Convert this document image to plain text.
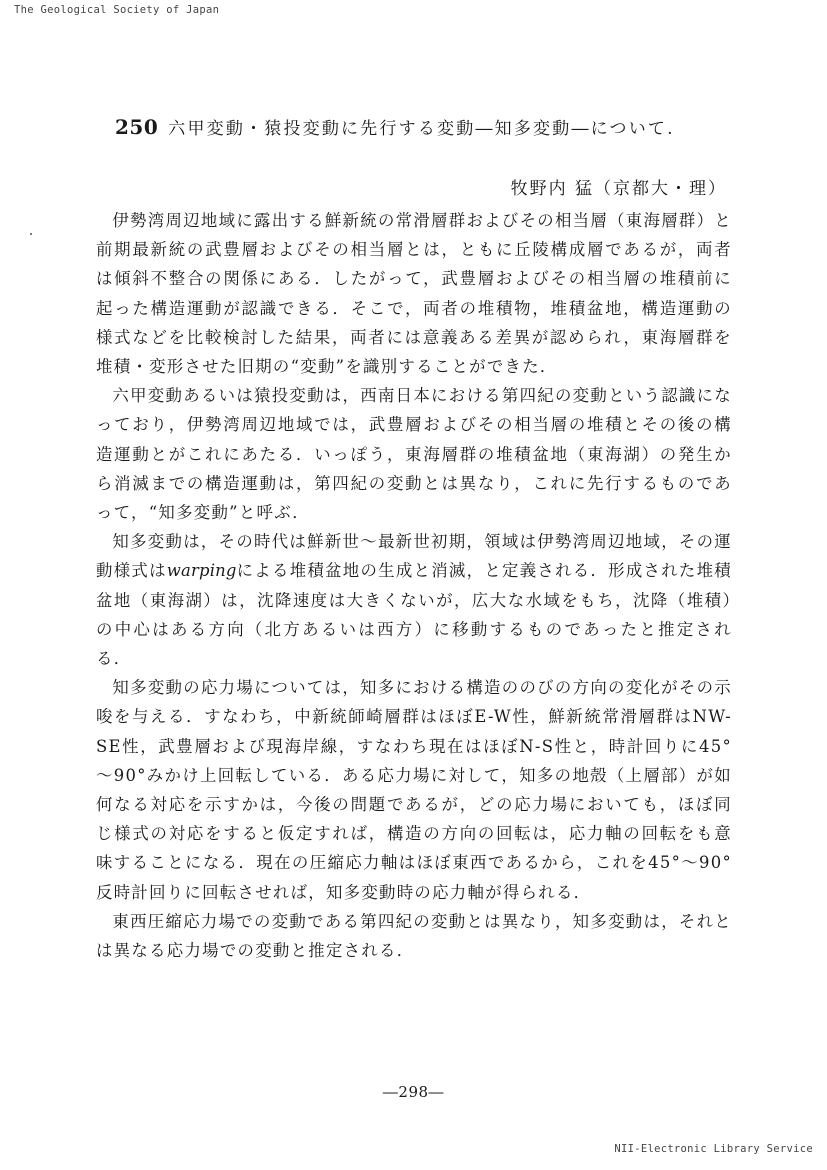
The Geological Society of Japan
250 六甲変動・猿投変動に先行する変動―知多変動―について.
牧野内 猛（京都大・理）

伊勢湾周辺地域に露出する鮮新統の常滑層群およびその相当層（東海層群）と前期最新統の武豊層およびその相当層とは，ともに丘陵構成層であるが，両者は傾斜不整合の関係にある．したがって，武豊層およびその相当層の堆積前に起った構造運動が認識できる．そこで，両者の堆積物，堆積盆地，構造運動の様式などを比較検討した結果，両者には意義ある差異が認められ，東海層群を堆積・変形させた旧期の“変動”を識別することができた．

六甲変動あるいは猿投変動は，西南日本における第四紀の変動という認識になっており，伊勢湾周辺地域では，武豊層およびその相当層の堆積とその後の構造運動とがこれにあたる．いっぽう，東海層群の堆積盆地（東海湖）の発生から消滅までの構造運動は，第四紀の変動とは異なり，これに先行するものであって，“知多変動”と呼ぶ．

知多変動は，その時代は鮮新世～最新世初期，領域は伊勢湾周辺地域，その運動様式はwarpingによる堆積盆地の生成と消滅，と定義される．形成された堆積盆地（東海湖）は，沈降速度は大きくないが，広大な水域をもち，沈降（堆積）の中心はある方向（北方あるいは西方）に移動するものであったと推定される．

知多変動の応力場については，知多における構造ののびの方向の変化がその示唆を与える．すなわち，中新統師崎層群はほぼE-W性，鮮新統常滑層群はNW-SE性，武豊層および現海岸線，すなわち現在はほぼN-S性と，時計回りに45°～90°みかけ上回転している．ある応力場に対して，知多の地殻（上層部）が如何なる対応を示すかは，今後の問題であるが，どの応力場においても，ほぼ同じ様式の対応をすると仮定すれば，構造の方向の回転は，応力軸の回転をも意味することになる．現在の圧縮応力軸はほぼ東西であるから，これを45°～90°反時計回りに回転させれば，知多変動時の応力軸が得られる．

東西圧縮応力場での変動である第四紀の変動とは異なり，知多変動は，それとは異なる応力場での変動と推定される．

―298―
NII-Electronic Library Service
